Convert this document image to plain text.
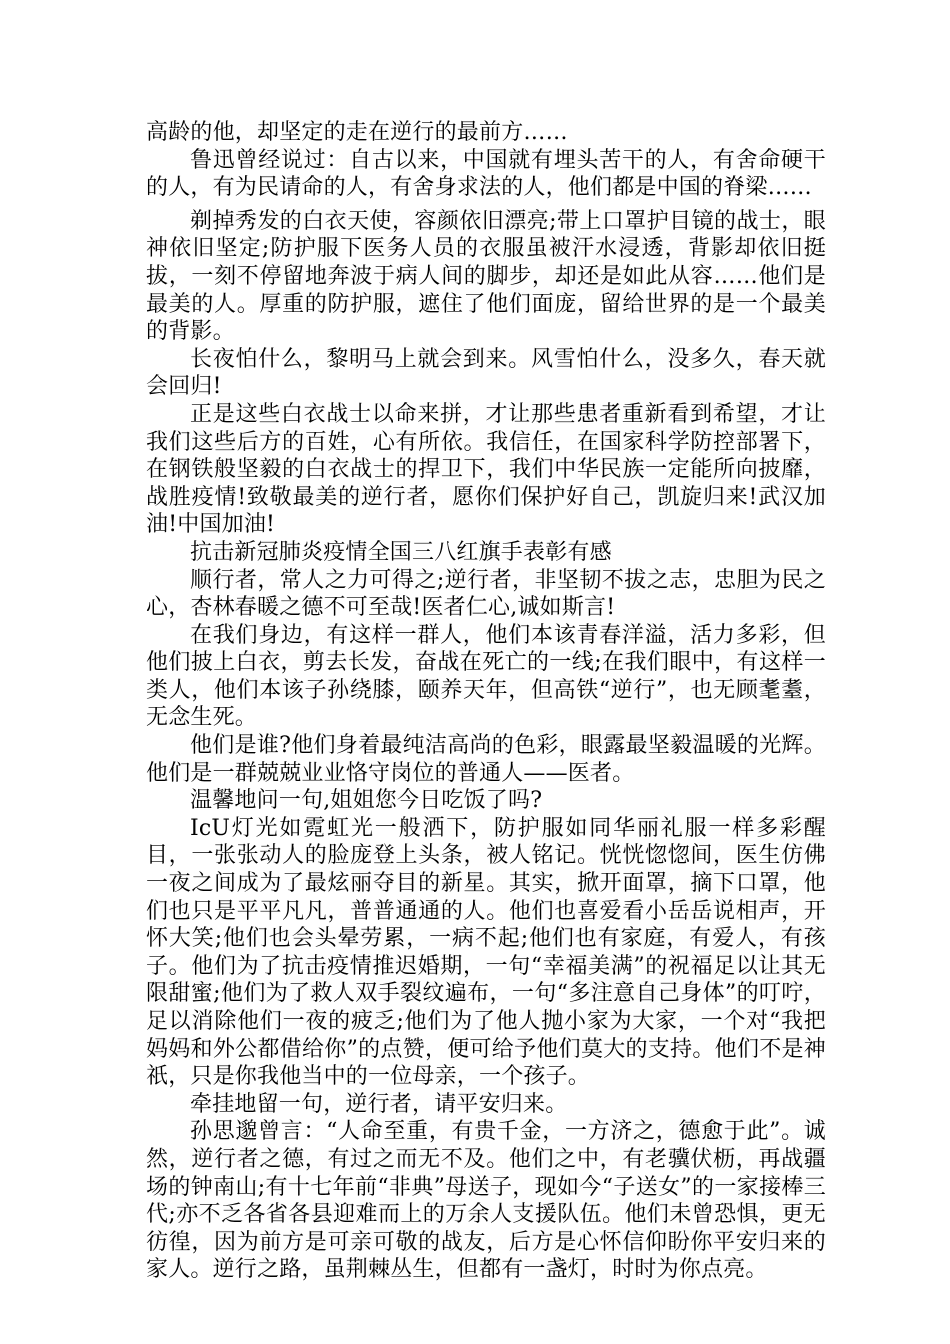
高龄的他，却坚定的走在逆行的最前方……

鲁迅曾经说过：自古以来，中国就有埋头苦干的人，有舍命硬干的人，有为民请命的人，有舍身求法的人，他们都是中国的脊梁……

剃掉秀发的白衣天使，容颜依旧漂亮;带上口罩护目镜的战士，眼神依旧坚定;防护服下医务人员的衣服虽被汗水浸透，背影却依旧挺拔，一刻不停留地奔波于病人间的脚步，却还是如此从容……他们是最美的人。厚重的防护服，遮住了他们面庞，留给世界的是一个最美的背影。

长夜怕什么，黎明马上就会到来。风雪怕什么，没多久，春天就会回归!

正是这些白衣战士以命来拼，才让那些患者重新看到希望，才让我们这些后方的百姓，心有所依。我信任，在国家科学防控部署下，在钢铁般坚毅的白衣战士的捍卫下，我们中华民族一定能所向披靡，战胜疫情!致敬最美的逆行者，愿你们保护好自己，凯旋归来!武汉加油!中国加油!

抗击新冠肺炎疫情全国三八红旗手表彰有感

顺行者，常人之力可得之;逆行者，非坚韧不拔之志，忠胆为民之心，杏林春暖之德不可至哉!医者仁心,诚如斯言!

在我们身边，有这样一群人，他们本该青春洋溢，活力多彩，但他们披上白衣，剪去长发，奋战在死亡的一线;在我们眼中，有这样一类人，他们本该子孙绕膝，颐养天年，但高铁“逆行”，也无顾耄耋，无念生死。

他们是谁?他们身着最纯洁高尚的色彩，眼露最坚毅温暖的光辉。他们是一群兢兢业业恪守岗位的普通人——医者。

温馨地问一句,姐姐您今日吃饭了吗?

IcU灯光如霓虹光一般洒下，防护服如同华丽礼服一样多彩醒目，一张张动人的脸庞登上头条，被人铭记。恍恍惚惚间，医生仿佛一夜之间成为了最炫丽夺目的新星。其实，掀开面罩，摘下口罩，他们也只是平平凡凡，普普通通的人。他们也喜爱看小岳岳说相声，开怀大笑;他们也会头晕劳累，一病不起;他们也有家庭，有爱人，有孩子。他们为了抗击疫情推迟婚期，一句“幸福美满”的祝福足以让其无限甜蜜;他们为了救人双手裂纹遍布，一句“多注意自己身体”的叮咛，足以消除他们一夜的疲乏;他们为了他人抛小家为大家，一个对“我把妈妈和外公都借给你”的点赞，便可给予他们莫大的支持。他们不是神祇，只是你我他当中的一位母亲，一个孩子。

牵挂地留一句，逆行者，请平安归来。

孙思邈曾言：“人命至重，有贵千金，一方济之，德愈于此”。诚然，逆行者之德，有过之而无不及。他们之中，有老骥伏枥，再战疆场的钟南山;有十七年前“非典”母送子，现如今“子送女”的一家接棒三代;亦不乏各省各县迎难而上的万余人支援队伍。他们未曾恐惧，更无彷徨，因为前方是可亲可敬的战友，后方是心怀信仰盼你平安归来的家人。逆行之路，虽荆棘丛生，但都有一盏灯，时时为你点亮。
